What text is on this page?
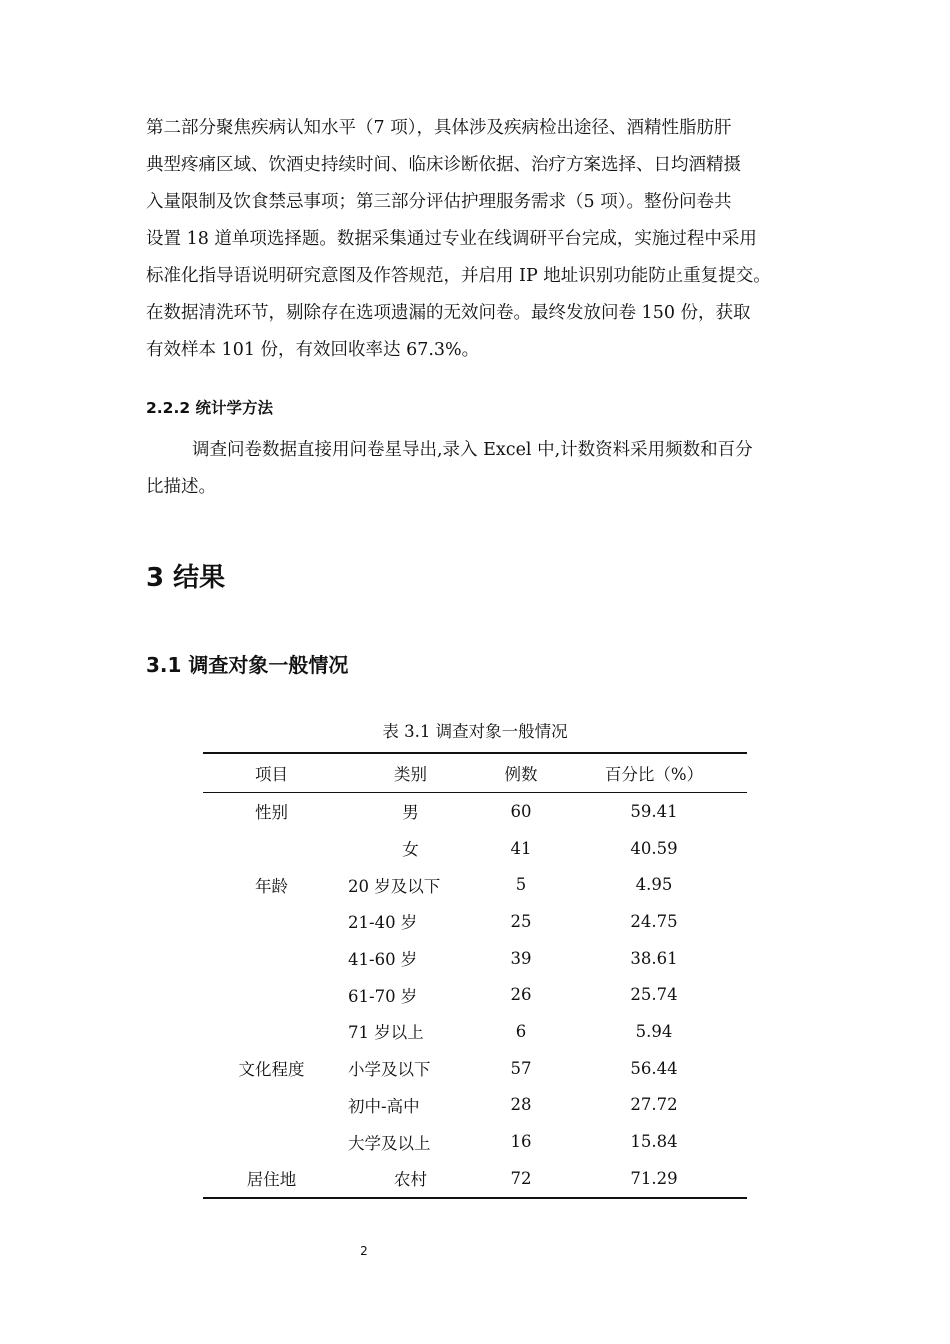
第二部分聚焦疾病认知水平（7 项），具体涉及疾病检出途径、酒精性脂肪肝
典型疼痛区域、饮酒史持续时间、临床诊断依据、治疗方案选择、日均酒精摄
入量限制及饮食禁忌事项；第三部分评估护理服务需求（5 项）。整份问卷共
设置 18 道单项选择题。数据采集通过专业在线调研平台完成，实施过程中采用
标准化指导语说明研究意图及作答规范，并启用 IP 地址识别功能防止重复提交。
在数据清洗环节，剔除存在选项遗漏的无效问卷。最终发放问卷 150 份，获取
有效样本 101 份，有效回收率达 67.3%。

2.2.2 统计学方法

调查问卷数据直接用问卷星导出,录入 Excel 中,计数资料采用频数和百分
比描述。

3 结果
3.1 调查对象一般情况

表 3.1 调查对象一般情况

项目	类别	例数	百分比（%）
性别	男	60	59.41
	女	41	40.59
年龄	20 岁及以下	5	4.95
	21-40 岁	25	24.75
	41-60 岁	39	38.61
	61-70 岁	26	25.74
	71 岁以上	6	5.94
文化程度	小学及以下	57	56.44
	初中-高中	28	27.72
	大学及以上	16	15.84
居住地	农村	72	71.29
2
